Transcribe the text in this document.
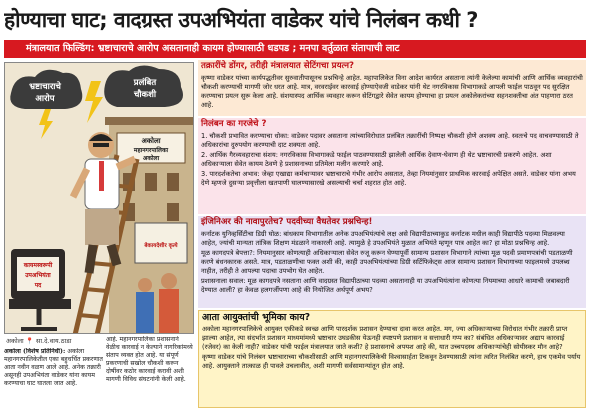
होण्याचा घाट; वादग्रस्त उपअभियंता वाडेकर यांचे निलंबन कधी ?
मंत्रालयात फिल्डिंग: भ्रष्टाचाराचे आरोप असतानाही कायम होण्यासाठी धडपड ; मनपा वर्तुळात संतापाची लाट
भ्रष्टाचाराचे
आरोप
प्रलंबित
चौकशी
अकोला
महानगरपालिका
अकोला
बेकायदेशीर कृत्ये
कायमस्वरूपी
उपअभियंता
पद
अकोला 📍 सा.दे.वाय.ठाडा
अकोला (विशेष प्रतिनिधी): अकोला महानगरपालिकेतील एका बहुचर्चित प्रकरणात आता नवीन वळण आले आहे. अनेक तक्रारी असूनही उपअभियंता वाडेकर यांना कायम करण्याचा घाट घातला जात आहे.
आहे. महानगरपालिका प्रशासनाने वेळीच कारवाई न केल्याने नागरिकांमध्ये संताप व्यक्त होत आहे. या संपूर्ण प्रकरणाची सखोल चौकशी करून दोषींवर कठोर कारवाई करावी अशी मागणी विविध संघटनांनी केली आहे.
तक्रारींचे डोंगर, तरीही मंत्रालयात सेटिंगचा प्रयत्न?

कृष्णा वाडेकर यांच्या कार्यपद्धतीवर सुरुवातीपासूनच प्रश्नचिन्हे आहेत. महापालिकेत विना आदेश कार्यरत असताना त्यांनी केलेल्या कामांची आणि आर्थिक व्यवहारांची चौकशी करण्याची मागणी जोर धरत आहे. मात्र, वरवराईवर कारवाई होण्याऐवजी वाडेकर यांनी थेट नगरविकास विभागाकडे आपली फाईल पाठवून पद सुरक्षित करण्याचा प्रयत्न सुरू केला आहे. संशयास्पद आर्थिक व्यवहार करून सेटिंगद्वारे सेवेत कायम होण्याचा हा प्रयत्न अकोलेकरांच्या सहनशक्तीचा अंत पाहणारा ठरत आहे.

निलंबन का गरजेचे ?

1. चौकशी प्रभावित करण्याचा धोका: वाडेकर पदावर असताना त्यांच्याविरोधात प्रलंबित तक्रारींची निष्पक्ष चौकशी होणे अशक्य आहे. स्वतःचे पद वाचवण्यासाठी ते अधिकारांचा दुरुपयोग करण्याची दाट शक्यता आहे.

2. आर्थिक गैरव्यवहाराचा संशय: नगरविकास विभागाकडे फाईल पाठवण्यासाठी झालेली आर्थिक देवाण-घेवाण ही थेट भ्रष्टाचारची प्रकरणे आहेत. अशा अधिकाऱ्याला सेवेत कायम ठेवणे हे प्रशासनाच्या प्रतिमेला मलीन करणारे आहे.

3. पारदर्शकतेचा अभाव: जेव्हा एखाद्या कर्मचाऱ्यावर भ्रष्टाचाराचे गंभीर आरोप असतात, तेव्हा नियमांनुसार प्राथमिक कारवाई अपेक्षित असते. वाडेकर यांना अभय देणे म्हणजे दुसऱ्या प्रवृत्तीला खतपाणी घालण्यासारखे असल्याची चर्चा शहरात होत आहे.

इंजिनिअर की नावापुरतेच? पदवीच्या वैधतेवर प्रश्नचिन्ह!

कर्नाटक युनिव्हर्सिटीचा डिग्री घोळ: बांधकाम विभागातील अनेक उपअभियंत्यांचे लक्ष असे विद्यापीठाच्याकुड कर्नाटक मधील काही विद्यापीठे पदव्या मिळवल्या आहेत, ज्यांची मान्यता तांत्रिक शिक्षण मंडळाने नाकारली आहे. त्यामुळे हे उपअभियंते मुळात अभियंते म्हणून पात्र आहेत का? हा मोठा प्रश्नचिन्ह आहे.

मूळ कागदपत्रे बेपत्ता?: नियमानुसार कोणत्याही अधिकाऱ्याला सेवेत रुजू करून घेण्यापूर्वी सामान्य प्रशासन विभागाने त्यांच्या मूळ पदवी प्रमाणपत्रांची पडताळणी करणे बंधनकारक असते. मात्र, पडताळणीचा फक्त अशी की, काही उपअभियंत्यांच्या डिग्री सर्टिफिकेट्स आज सामान्य प्रशासन विभागाच्या फाइलमध्ये उपलब्ध नाहीत, तरीही ते आपल्या पदाचा उपभोग घेत आहेत.

प्रशासनाला सवाल: मूळ कागदपत्रे नसताना आणि वादग्रस्त विद्यापीठाच्या पदव्या असतानाही या उपअभियंत्यांना कोणत्या नियमाच्या आधारे कामाची जबाबदारी देण्यात आली? हा केवळ हलगर्जीपणा आहे की नियोजित अर्थपूर्ण अभय?

आता आयुक्तांची भूमिका काय?

अकोला महानगरपालिकेचे आयुक्त एकीकडे स्वच्छ आणि पारदर्शक प्रशासन देण्याचा दावा करत आहेत. मग, ज्या अधिकाऱ्याच्या विरोधात गंभीर तक्रारी प्राप्त झाल्या आहेत, त्या संदर्भात प्रशासन माध्यमांमध्ये भ्रष्टाचार उघडकीस येऊनही स्पष्टपणे प्रशासन व सत्ताधारी गप्प का? संबंधित अधिकाऱ्यावर अद्याप कारवाई (रजेवर) का केली नाही? वाडेकर यांची फाईल मंत्रालयात जाते कशी? हे प्रशासनाचे अपयश आहे की, यात उच्चपदस्थ अधिकाऱ्यांचेही सोयीस्कर मौन आहे?

कृष्णा वाडेकर यांचे निलंबन भ्रष्टाचाराच्या चौकशीसाठी आणि महानगरपालिकेची विश्वासार्हता टिकवून ठेवण्यासाठी त्यांना त्वरित निलंबित करणे, हाच एकमेव पर्याय आहे. आयुक्ताने तात्काळ ही पावले उचलावीत, अशी मागणी सर्वसामान्यांतून होत आहे.
